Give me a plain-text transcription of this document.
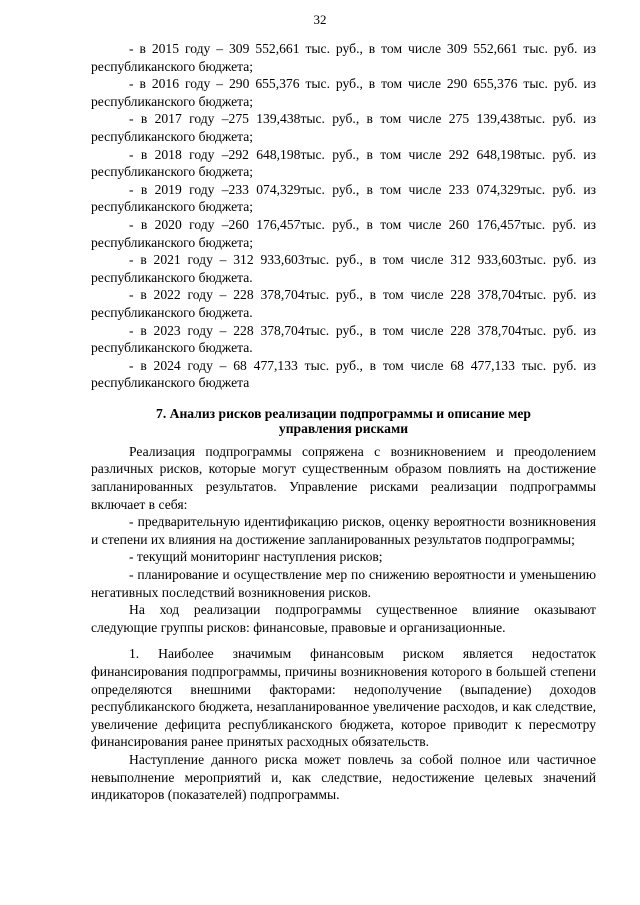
32

- в 2015 году – 309 552,661 тыс. руб., в том числе 309 552,661 тыс. руб. из республиканского бюджета;

- в 2016 году – 290 655,376 тыс. руб., в том числе 290 655,376 тыс. руб. из республиканского бюджета;

- в 2017 году –275 139,438тыс. руб., в том числе 275 139,438тыс. руб. из республиканского бюджета;

- в 2018 году –292 648,198тыс. руб., в том числе 292 648,198тыс. руб. из республиканского бюджета;

- в 2019 году –233 074,329тыс. руб., в том числе 233 074,329тыс. руб. из республиканского бюджета;

- в 2020 году –260 176,457тыс. руб., в том числе 260 176,457тыс. руб. из республиканского бюджета;

- в 2021 году – 312 933,603тыс. руб., в том числе 312 933,603тыс. руб. из республиканского бюджета.

- в 2022 году – 228 378,704тыс. руб., в том числе 228 378,704тыс. руб. из республиканского бюджета.

- в 2023 году – 228 378,704тыс. руб., в том числе 228 378,704тыс. руб. из республиканского бюджета.

- в 2024 году – 68 477,133 тыс. руб., в том числе 68 477,133 тыс. руб. из республиканского бюджета

7. Анализ рисков реализации подпрограммы и описание мер

управления рисками

Реализация подпрограммы сопряжена с возникновением и преодолением различных рисков, которые могут существенным образом повлиять на достижение запланированных результатов. Управление рисками реализации подпрограммы включает в себя:

- предварительную идентификацию рисков, оценку вероятности возникновения и степени их влияния на достижение запланированных результатов подпрограммы;

- текущий мониторинг наступления рисков;

- планирование и осуществление мер по снижению вероятности и уменьшению негативных последствий возникновения рисков.

На ход реализации подпрограммы существенное влияние оказывают следующие группы рисков: финансовые, правовые и организационные.

1. Наиболее значимым финансовым риском является недостаток финансирования подпрограммы, причины возникновения которого в большей степени определяются внешними факторами: недополучение (выпадение) доходов республиканского бюджета, незапланированное увеличение расходов, и как следствие, увеличение дефицита республиканского бюджета, которое приводит к пересмотру финансирования ранее принятых расходных обязательств.

Наступление данного риска может повлечь за собой полное или частичное невыполнение мероприятий и, как следствие, недостижение целевых значений индикаторов (показателей) подпрограммы.
